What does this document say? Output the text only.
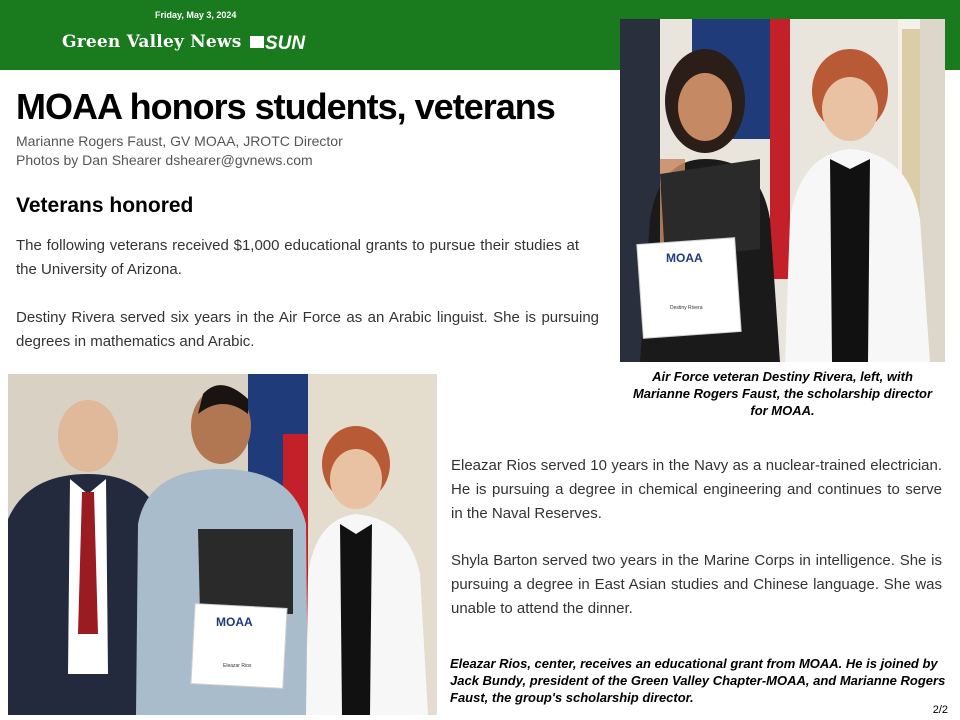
Friday, May 3, 2024
Green Valley News SUN
MOAA honors students, veterans
Marianne Rogers Faust, GV MOAA, JROTC Director
Photos by Dan Shearer dshearer@gvnews.com
Veterans honored
The following veterans received $1,000 educational grants to pursue their studies at the University of Arizona.
Destiny Rivera served six years in the Air Force as an Arabic linguist. She is pursuing degrees in mathematics and Arabic.
MOAA
Destiny Rivera
Air Force veteran Destiny Rivera, left, with Marianne Rogers Faust, the scholarship director for MOAA.
MOAA
Eleazar Rios
Eleazar Rios served 10 years in the Navy as a nuclear-trained electrician. He is pursuing a degree in chemical engineering and continues to serve in the Naval Reserves.
Shyla Barton served two years in the Marine Corps in intelligence. She is pursuing a degree in East Asian studies and Chinese language. She was unable to attend the dinner.
Eleazar Rios, center, receives an educational grant from MOAA. He is joined by Jack Bundy, president of the Green Valley Chapter-MOAA, and Marianne Rogers Faust, the group's scholarship director.
2/2
